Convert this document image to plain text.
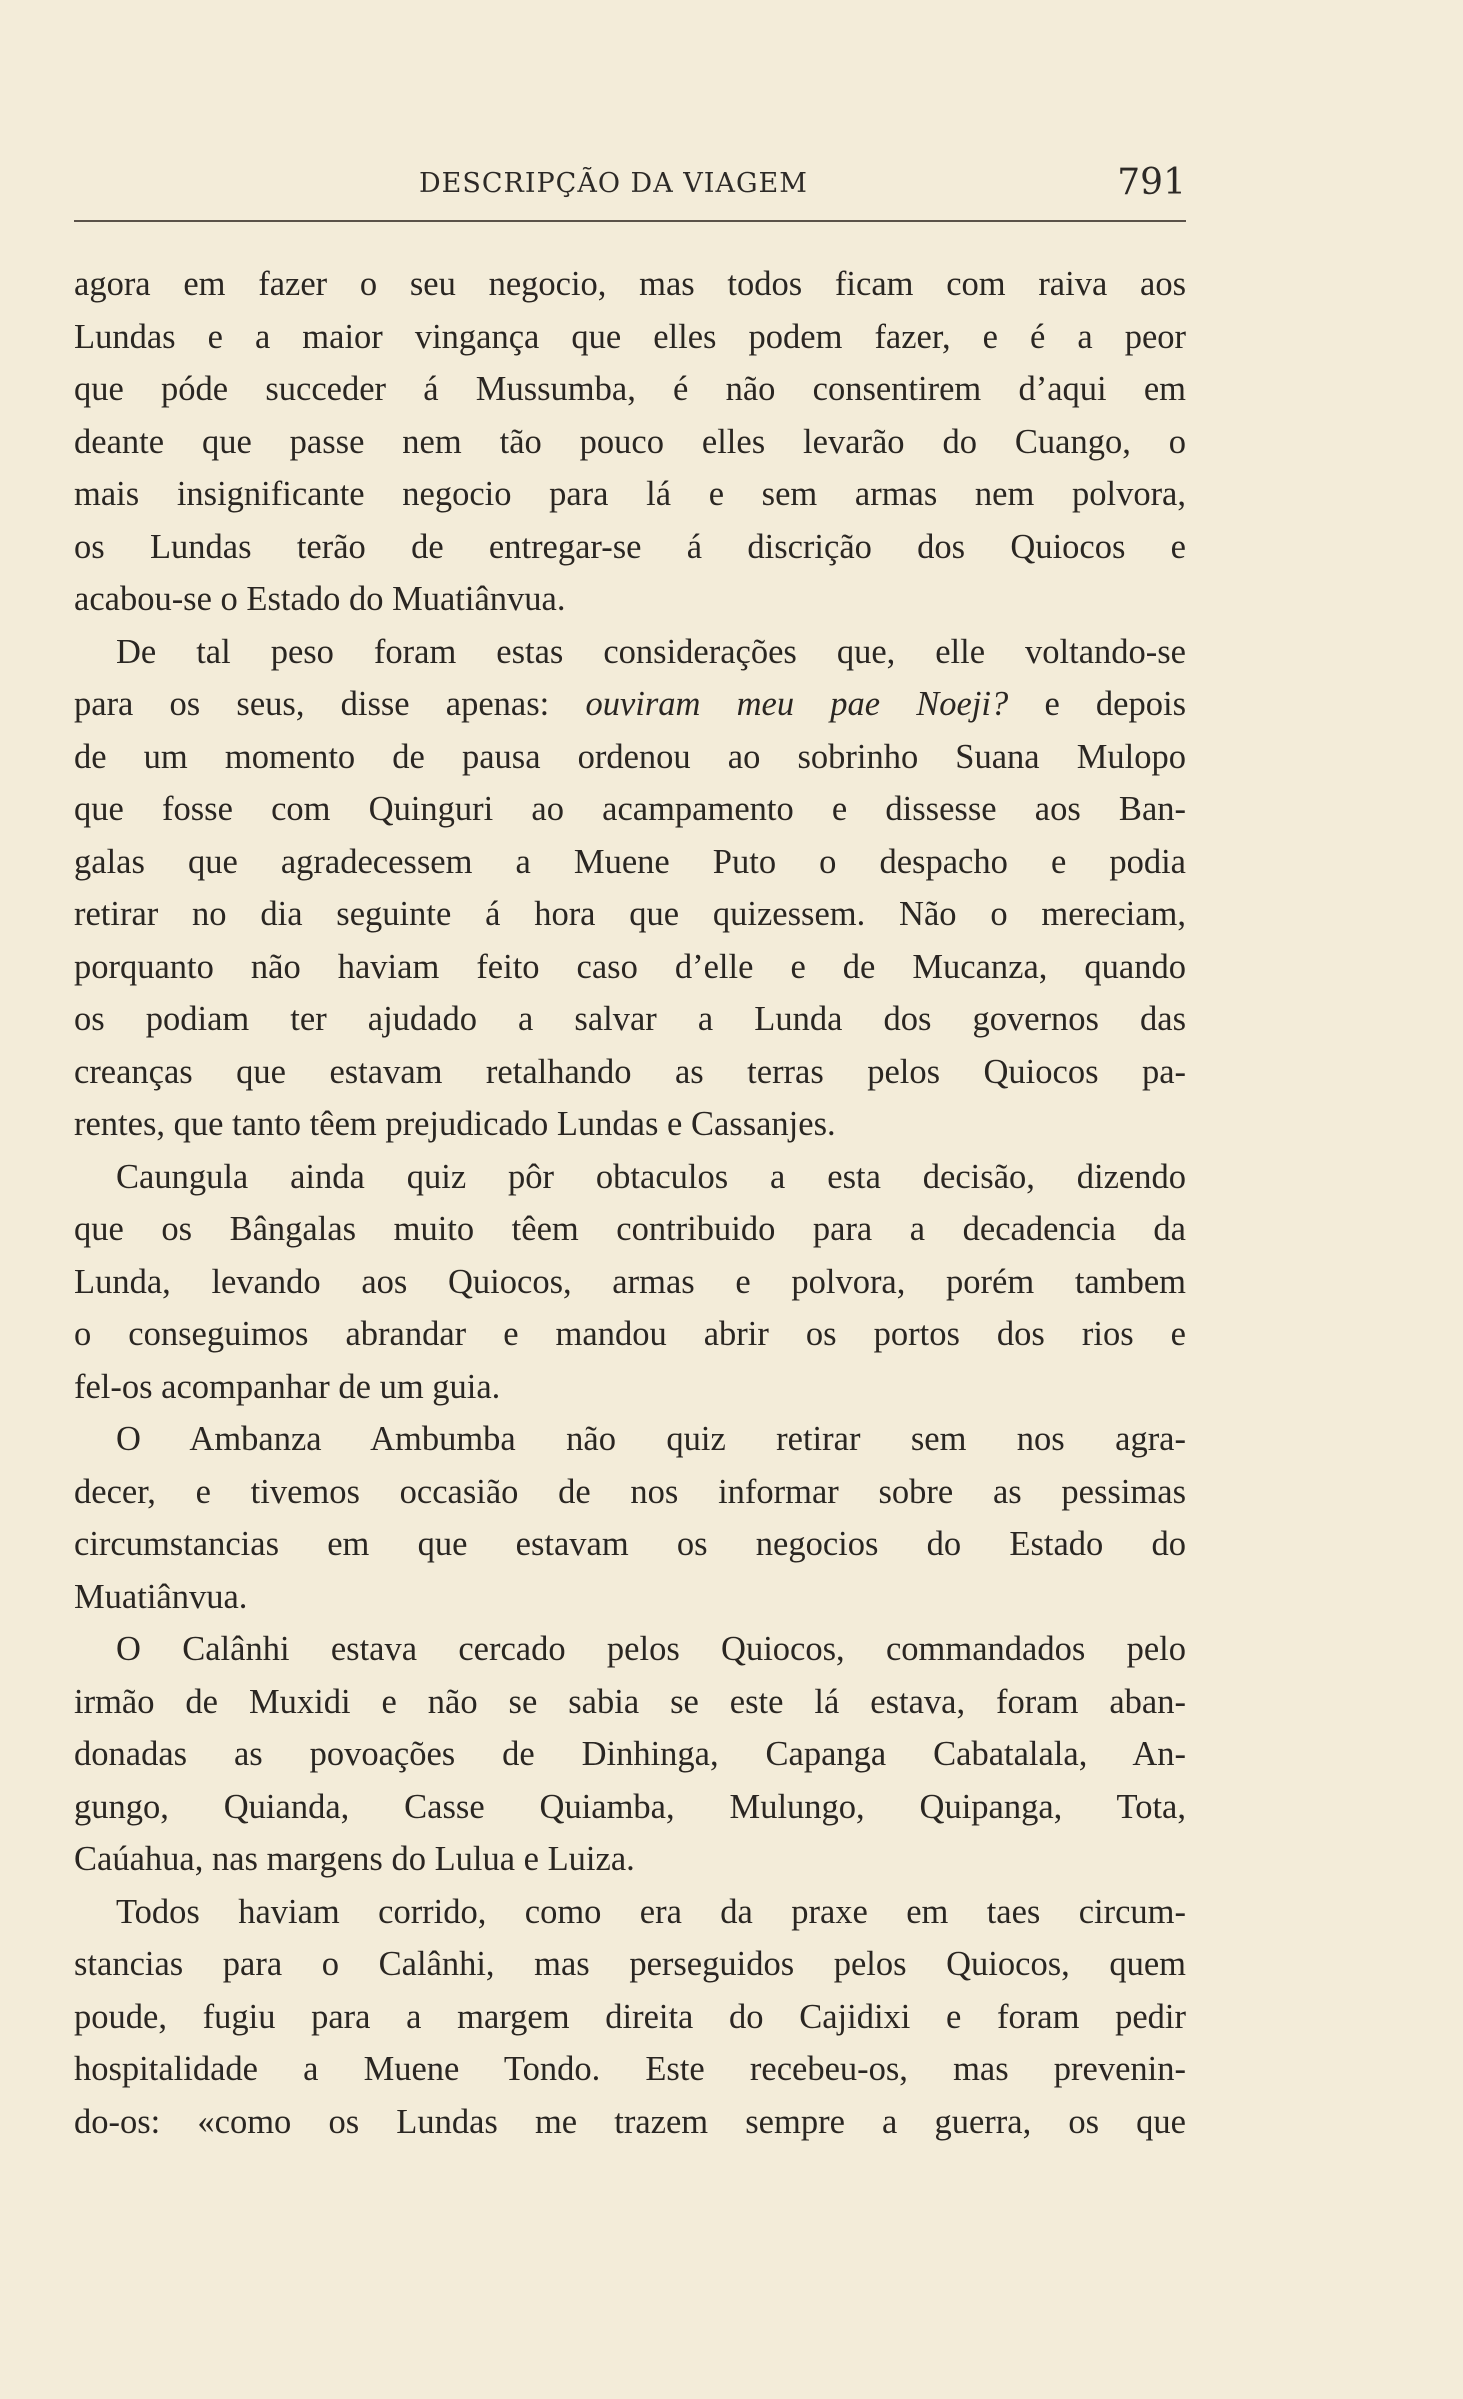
DESCRIPÇÃO DA VIAGEM	791

agora em fazer o seu negocio, mas todos ficam com raiva aos
Lundas e a maior vingança que elles podem fazer, e é a peor
que póde succeder á Mussumba, é não consentirem d’aqui em
deante que passe nem tão pouco elles levarão do Cuango, o
mais insignificante negocio para lá e sem armas nem polvora,
os Lundas terão de entregar-se á discrição dos Quiocos e
acabou-se o Estado do Muatiânvua.

De tal peso foram estas considerações que, elle voltando-se
para os seus, disse apenas: ouviram meu pae Noeji? e depois
de um momento de pausa ordenou ao sobrinho Suana Mulopo
que fosse com Quinguri ao acampamento e dissesse aos Ban-
galas que agradecessem a Muene Puto o despacho e podia
retirar no dia seguinte á hora que quizessem. Não o mereciam,
porquanto não haviam feito caso d’elle e de Mucanza, quando
os podiam ter ajudado a salvar a Lunda dos governos das
creanças que estavam retalhando as terras pelos Quiocos pa-
rentes, que tanto têem prejudicado Lundas e Cassanjes.

Caungula ainda quiz pôr obtaculos a esta decisão, dizendo
que os Bângalas muito têem contribuido para a decadencia da
Lunda, levando aos Quiocos, armas e polvora, porém tambem
o conseguimos abrandar e mandou abrir os portos dos rios e
fel-os acompanhar de um guia.

O Ambanza Ambumba não quiz retirar sem nos agra-
decer, e tivemos occasião de nos informar sobre as pessimas
circumstancias em que estavam os negocios do Estado do
Muatiânvua.

O Calânhi estava cercado pelos Quiocos, commandados pelo
irmão de Muxidi e não se sabia se este lá estava, foram aban-
donadas as povoações de Dinhinga, Capanga Cabatalala, An-
gungo, Quianda, Casse Quiamba, Mulungo, Quipanga, Tota,
Caúahua, nas margens do Lulua e Luiza.

Todos haviam corrido, como era da praxe em taes circum-
stancias para o Calânhi, mas perseguidos pelos Quiocos, quem
poude, fugiu para a margem direita do Cajidixi e foram pedir
hospitalidade a Muene Tondo. Este recebeu-os, mas prevenin-
do-os: «como os Lundas me trazem sempre a guerra, os que
